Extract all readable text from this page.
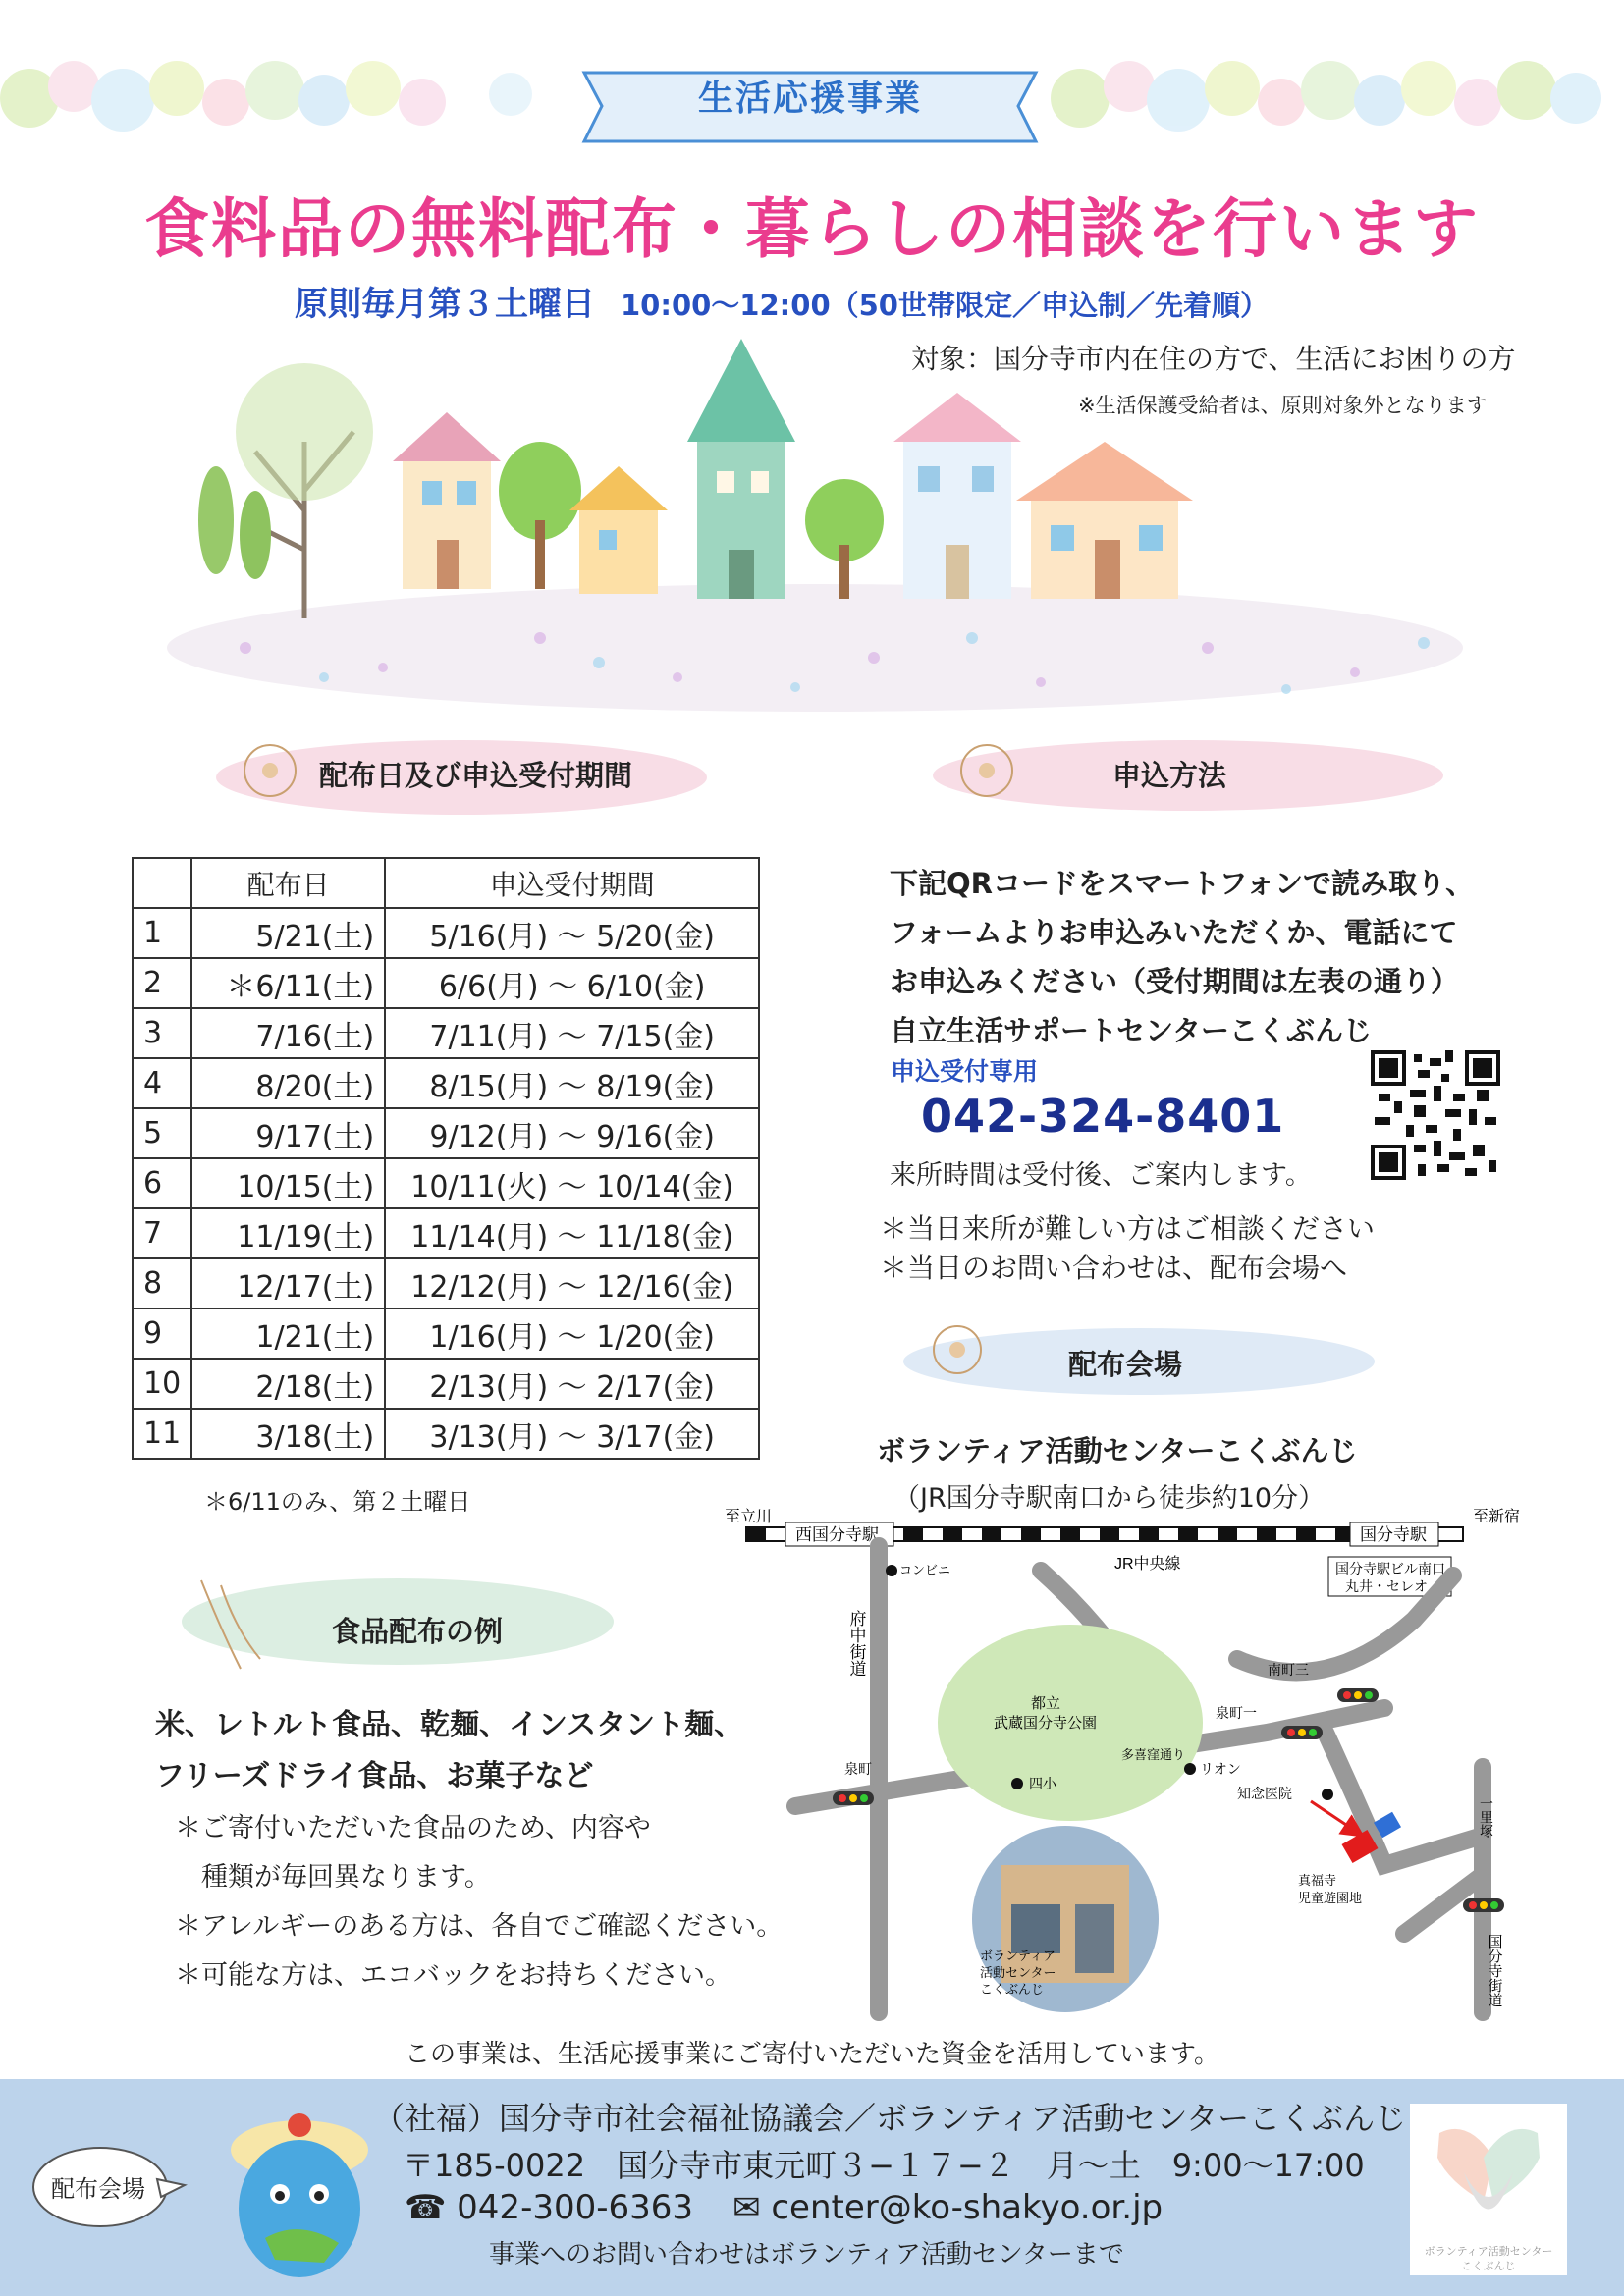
生活応援事業
食料品の無料配布・暮らしの相談を行います
原則毎月第３土曜日 10:00～12:00（50世帯限定／申込制／先着順）
対象：国分寺市内在住の方で、生活にお困りの方
※生活保護受給者は、原則対象外となります
配布日及び申込受付期間	申込方法
	配布日	申込受付期間
1	5/21(土)	5/16(月) ～ 5/20(金)
2	＊6/11(土)	6/6(月) ～ 6/10(金)
3	7/16(土)	7/11(月) ～ 7/15(金)
4	8/20(土)	8/15(月) ～ 8/19(金)
5	9/17(土)	9/12(月) ～ 9/16(金)
6	10/15(土)	10/11(火) ～ 10/14(金)
7	11/19(土)	11/14(月) ～ 11/18(金)
8	12/17(土)	12/12(月) ～ 12/16(金)
9	1/21(土)	1/16(月) ～ 1/20(金)
10	2/18(土)	2/13(月) ～ 2/17(金)
11	3/18(土)	3/13(月) ～ 3/17(金)
＊6/11のみ、第２土曜日
下記QRコードをスマートフォンで読み取り、
フォームよりお申込みいただくか、電話にて
お申込みください（受付期間は左表の通り）
自立生活サポートセンターこくぶんじ
申込受付専用
042-324-8401
来所時間は受付後、ご案内します。
＊当日来所が難しい方はご相談ください
＊当日のお問い合わせは、配布会場へ
配布会場
ボランティア活動センターこくぶんじ
（JR国分寺駅南口から徒歩約10分）
食品配布の例
米、レトルト食品、乾麺、インスタント麺、
フリーズドライ食品、お菓子など
＊ご寄付いただいた食品のため、内容や
　種類が毎回異なります。
＊アレルギーのある方は、各自でご確認ください。
＊可能な方は、エコバックをお持ちください。
至立川	至新宿
西国分寺駅	国分寺駅
JR中央線	国分寺駅ビル南口
丸井・セレオ
都立
武蔵国分寺公園
府中街道
コンビニ
南町三
泉町一
泉町
多喜窪通り
四小
リオン
知念医院
真福寺
児童遊園地
一里塚
国分寺街道
ボランティア
活動センター
こくぶんじ
この事業は、生活応援事業にご寄付いただいた資金を活用しています。
配布会場
（社福）国分寺市社会福祉協議会／ボランティア活動センターこくぶんじ
〒185-0022　国分寺市東元町３−１７−２　月～土　9:00～17:00
☎ 042-300-6363 ✉ center@ko-shakyo.or.jp
事業へのお問い合わせはボランティア活動センターまで	ボランティア活動センター
こくぶんじ
